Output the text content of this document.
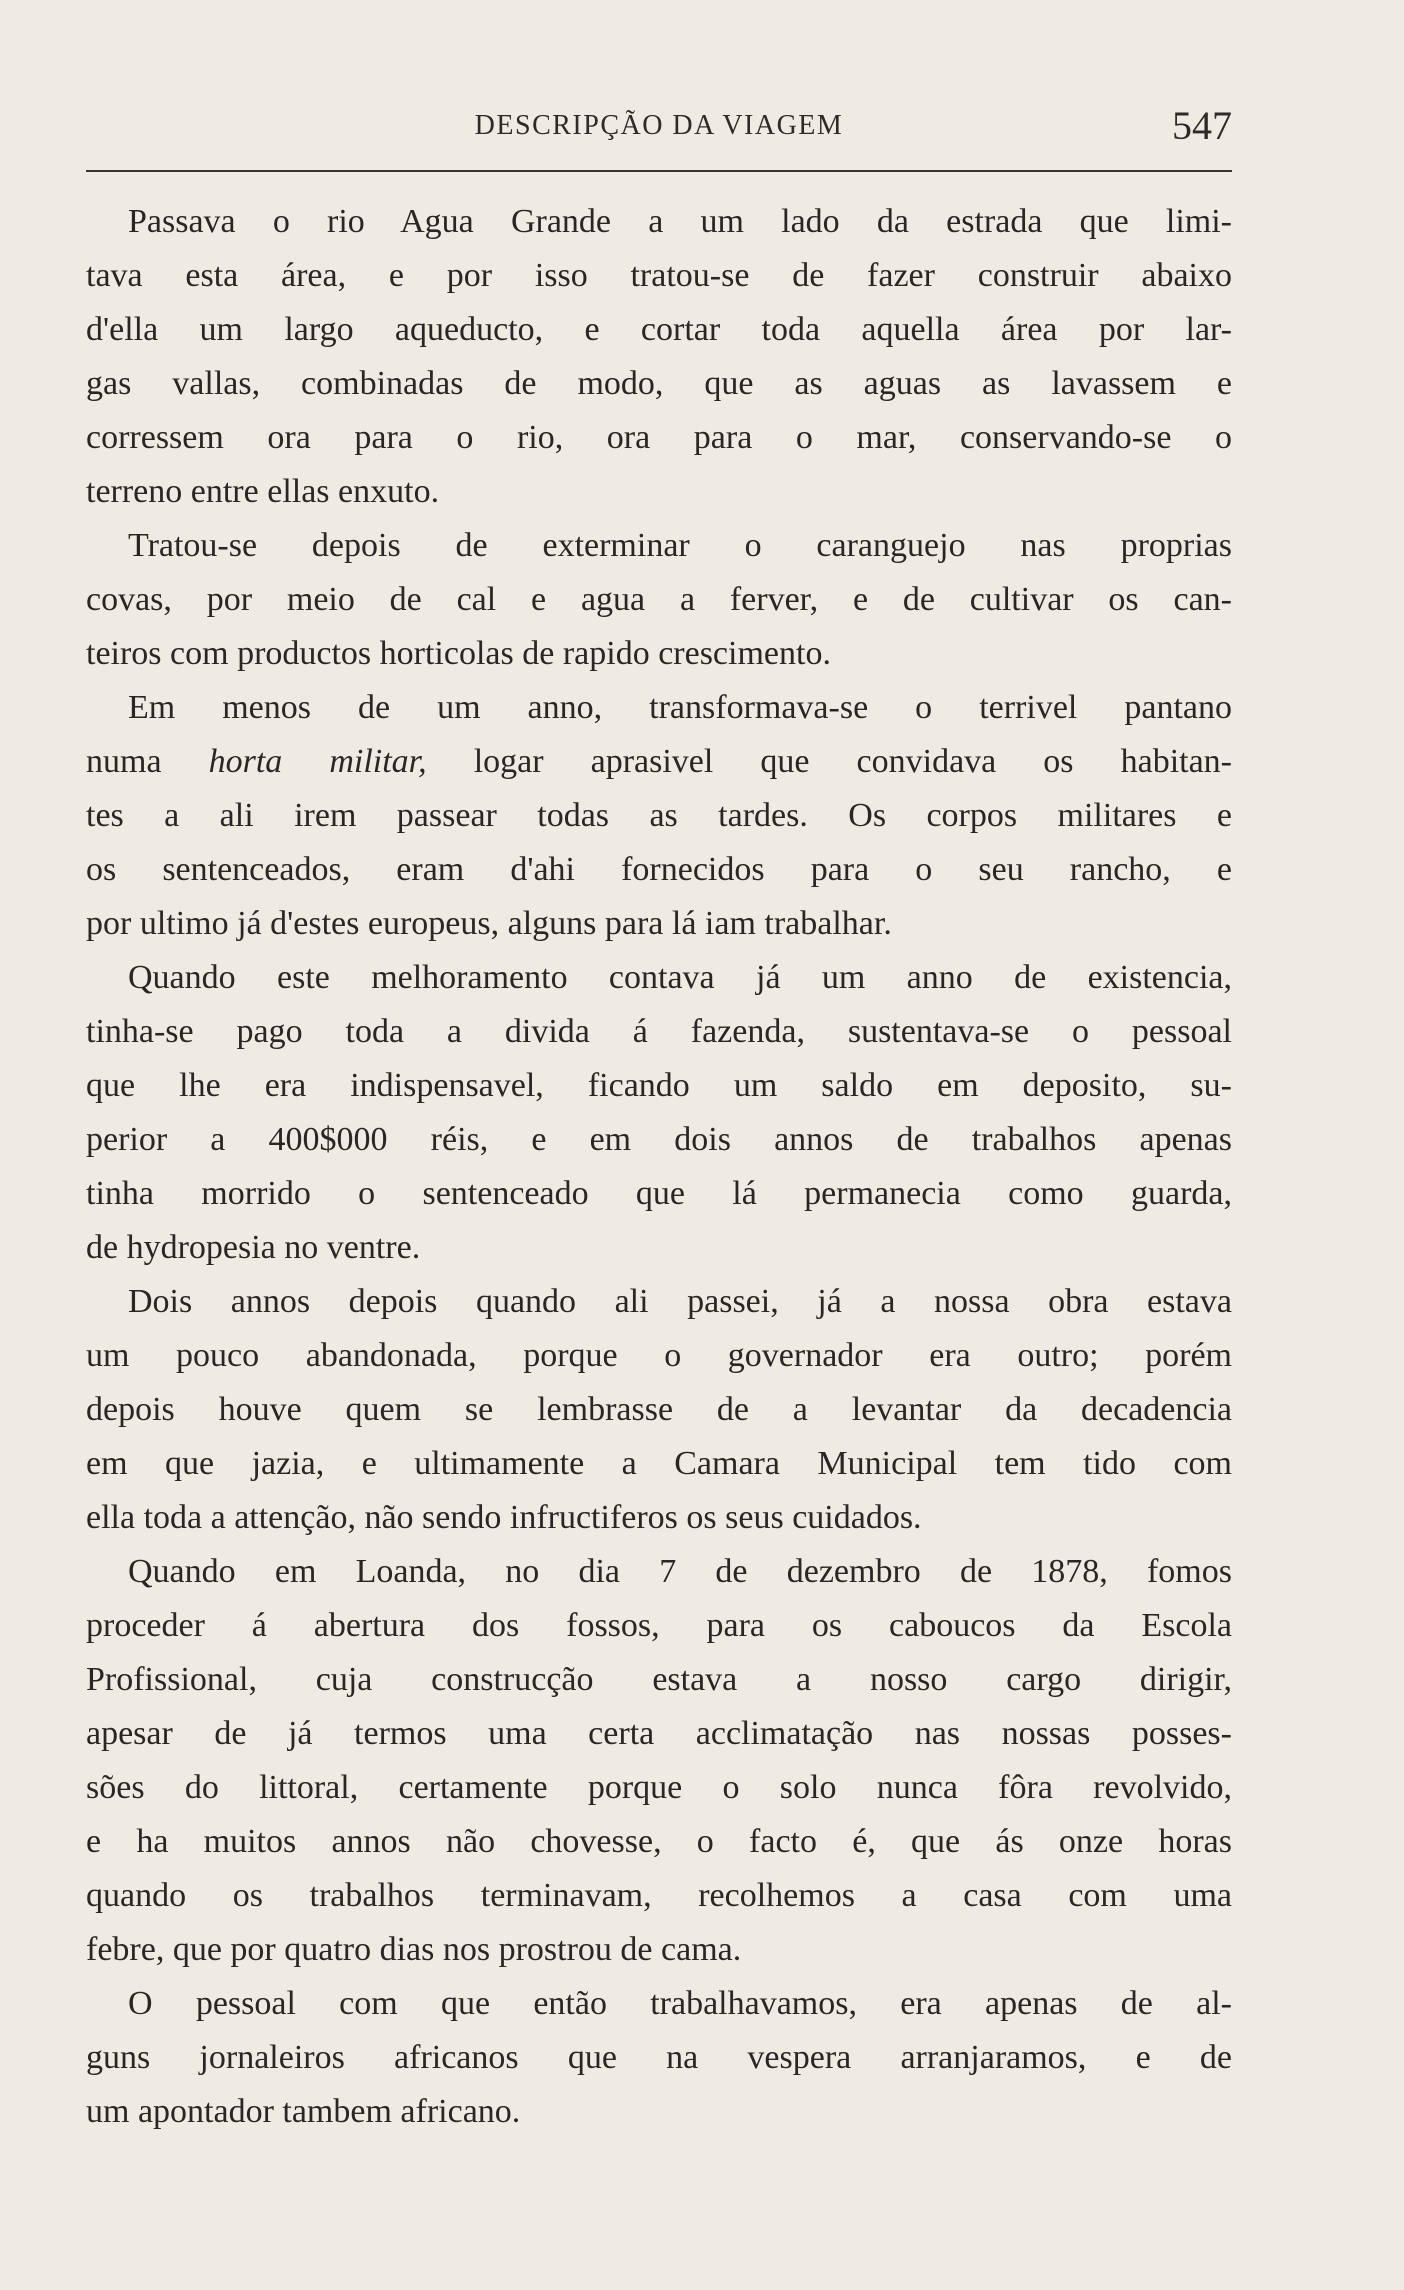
DESCRIPÇÃO DA VIAGEM	547
Passava o rio Agua Grande a um lado da estrada que limi-
tava esta área, e por isso tratou-se de fazer construir abaixo
d'ella um largo aqueducto, e cortar toda aquella área por lar-
gas vallas, combinadas de modo, que as aguas as lavassem e
corressem ora para o rio, ora para o mar, conservando-se o
terreno entre ellas enxuto.
Tratou-se depois de exterminar o caranguejo nas proprias
covas, por meio de cal e agua a ferver, e de cultivar os can-
teiros com productos horticolas de rapido crescimento.
Em menos de um anno, transformava-se o terrivel pantano
numa horta militar, logar aprasivel que convidava os habitan-
tes a ali irem passear todas as tardes. Os corpos militares e
os sentenceados, eram d'ahi fornecidos para o seu rancho, e
por ultimo já d'estes europeus, alguns para lá iam trabalhar.
Quando este melhoramento contava já um anno de existencia,
tinha-se pago toda a divida á fazenda, sustentava-se o pessoal
que lhe era indispensavel, ficando um saldo em deposito, su-
perior a 400$000 réis, e em dois annos de trabalhos apenas
tinha morrido o sentenceado que lá permanecia como guarda,
de hydropesia no ventre.
Dois annos depois quando ali passei, já a nossa obra estava
um pouco abandonada, porque o governador era outro; porém
depois houve quem se lembrasse de a levantar da decadencia
em que jazia, e ultimamente a Camara Municipal tem tido com
ella toda a attenção, não sendo infructiferos os seus cuidados.
Quando em Loanda, no dia 7 de dezembro de 1878, fomos
proceder á abertura dos fossos, para os caboucos da Escola
Profissional, cuja construcção estava a nosso cargo dirigir,
apesar de já termos uma certa acclimatação nas nossas posses-
sões do littoral, certamente porque o solo nunca fôra revolvido,
e ha muitos annos não chovesse, o facto é, que ás onze horas
quando os trabalhos terminavam, recolhemos a casa com uma
febre, que por quatro dias nos prostrou de cama.
O pessoal com que então trabalhavamos, era apenas de al-
guns jornaleiros africanos que na vespera arranjaramos, e de
um apontador tambem africano.
